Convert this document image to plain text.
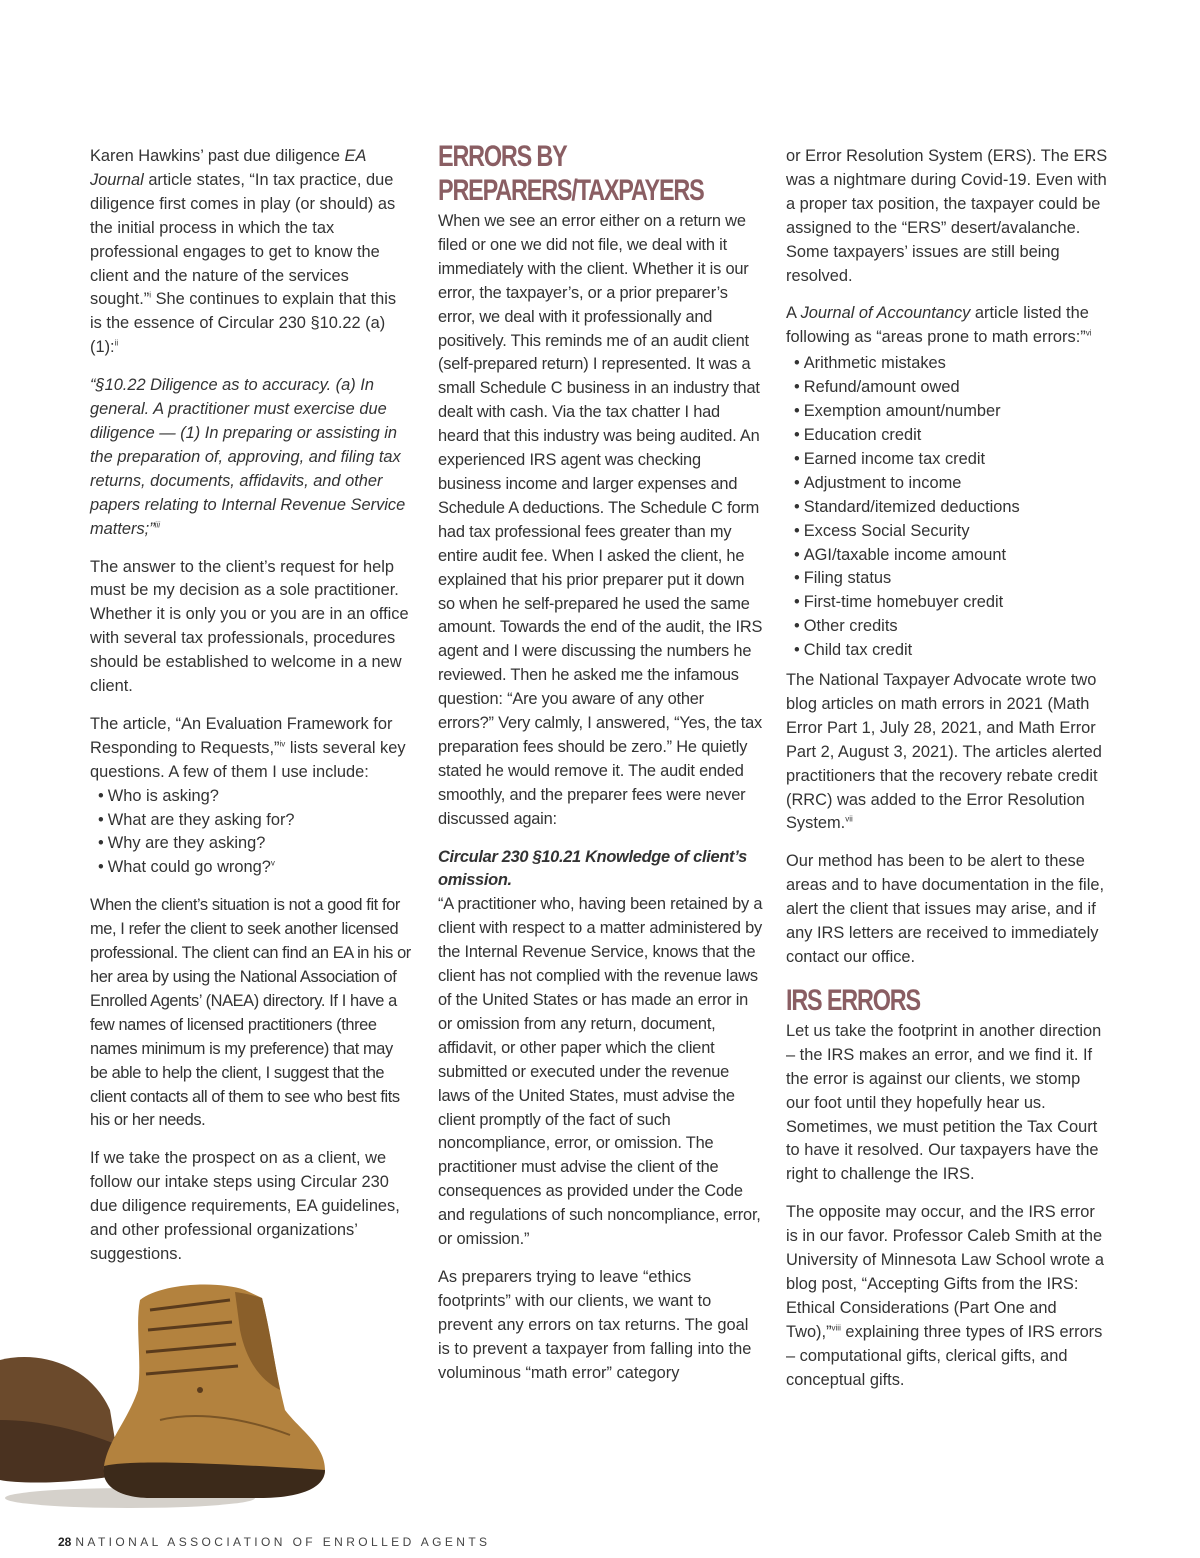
Karen Hawkins’ past due diligence EA Journal article states, “In tax practice, due diligence first comes in play (or should) as the initial process in which the tax professional engages to get to know the client and the nature of the services sought.”$^i$ She continues to explain that this is the essence of Circular 230 §10.22 (a)(1):$^{ii}$

“§10.22 Diligence as to accuracy. (a) In general. A practitioner must exercise due diligence — (1) In preparing or assisting in the preparation of, approving, and filing tax returns, documents, affidavits, and other papers relating to Internal Revenue Service matters;”$^{iii}$

The answer to the client’s request for help must be my decision as a sole practitioner. Whether it is only you or you are in an office with several tax professionals, procedures should be established to welcome in a new client.

The article, “An Evaluation Framework for Responding to Requests,”$^{iv}$ lists several key questions. A few of them I use include:

• Who is asking?
• What are they asking for?
• Why are they asking?
• What could go wrong?$^v$

When the client’s situation is not a good fit for me, I refer the client to seek another licensed professional. The client can find an EA in his or her area by using the National Association of Enrolled Agents’ (NAEA) directory. If I have a few names of licensed practitioners (three names minimum is my preference) that may be able to help the client, I suggest that the client contacts all of them to see who best fits his or her needs.

If we take the prospect on as a client, we follow our intake steps using Circular 230 due diligence requirements, EA guidelines, and other professional organizations’ suggestions.

ERRORS BY
PREPARERS/TAXPAYERS

When we see an error either on a return we filed or one we did not file, we deal with it immediately with the client. Whether it is our error, the taxpayer’s, or a prior preparer’s error, we deal with it professionally and positively. This reminds me of an audit client (self-prepared return) I represented. It was a small Schedule C business in an industry that dealt with cash. Via the tax chatter I had heard that this industry was being audited. An experienced IRS agent was checking business income and larger expenses and Schedule A deductions. The Schedule C form had tax professional fees greater than my entire audit fee. When I asked the client, he explained that his prior preparer put it down so when he self-prepared he used the same amount. Towards the end of the audit, the IRS agent and I were discussing the numbers he reviewed. Then he asked me the infamous question: “Are you aware of any other errors?” Very calmly, I answered, “Yes, the tax preparation fees should be zero.” He quietly stated he would remove it. The audit ended smoothly, and the preparer fees were never discussed again:

Circular 230 §10.21 Knowledge of client’s omission.

“A practitioner who, having been retained by a client with respect to a matter administered by the Internal Revenue Service, knows that the client has not complied with the revenue laws of the United States or has made an error in or omission from any return, document, affidavit, or other paper which the client submitted or executed under the revenue laws of the United States, must advise the client promptly of the fact of such noncompliance, error, or omission. The practitioner must advise the client of the consequences as provided under the Code and regulations of such noncompliance, error, or omission.”

As preparers trying to leave “ethics footprints” with our clients, we want to prevent any errors on tax returns. The goal is to prevent a taxpayer from falling into the voluminous “math error” category

or Error Resolution System (ERS). The ERS was a nightmare during Covid-19. Even with a proper tax position, the taxpayer could be assigned to the “ERS” desert/avalanche. Some taxpayers’ issues are still being resolved.

A Journal of Accountancy article listed the following as “areas prone to math errors:”$^{vi}$

• Arithmetic mistakes
• Refund/amount owed
• Exemption amount/number
• Education credit
• Earned income tax credit
• Adjustment to income
• Standard/itemized deductions
• Excess Social Security
• AGI/taxable income amount
• Filing status
• First-time homebuyer credit
• Other credits
• Child tax credit

The National Taxpayer Advocate wrote two blog articles on math errors in 2021 (Math Error Part 1, July 28, 2021, and Math Error Part 2, August 3, 2021). The articles alerted practitioners that the recovery rebate credit (RRC) was added to the Error Resolution System.$^{vii}$

Our method has been to be alert to these areas and to have documentation in the file, alert the client that issues may arise, and if any IRS letters are received to immediately contact our office.

IRS ERRORS

Let us take the footprint in another direction – the IRS makes an error, and we find it. If the error is against our clients, we stomp our foot until they hopefully hear us. Sometimes, we must petition the Tax Court to have it resolved. Our taxpayers have the right to challenge the IRS.

The opposite may occur, and the IRS error is in our favor. Professor Caleb Smith at the University of Minnesota Law School wrote a blog post, “Accepting Gifts from the IRS: Ethical Considerations (Part One and Two),”$^{viii}$ explaining three types of IRS errors – computational gifts, clerical gifts, and conceptual gifts.

28 NATIONAL ASSOCIATION OF ENROLLED AGENTS
